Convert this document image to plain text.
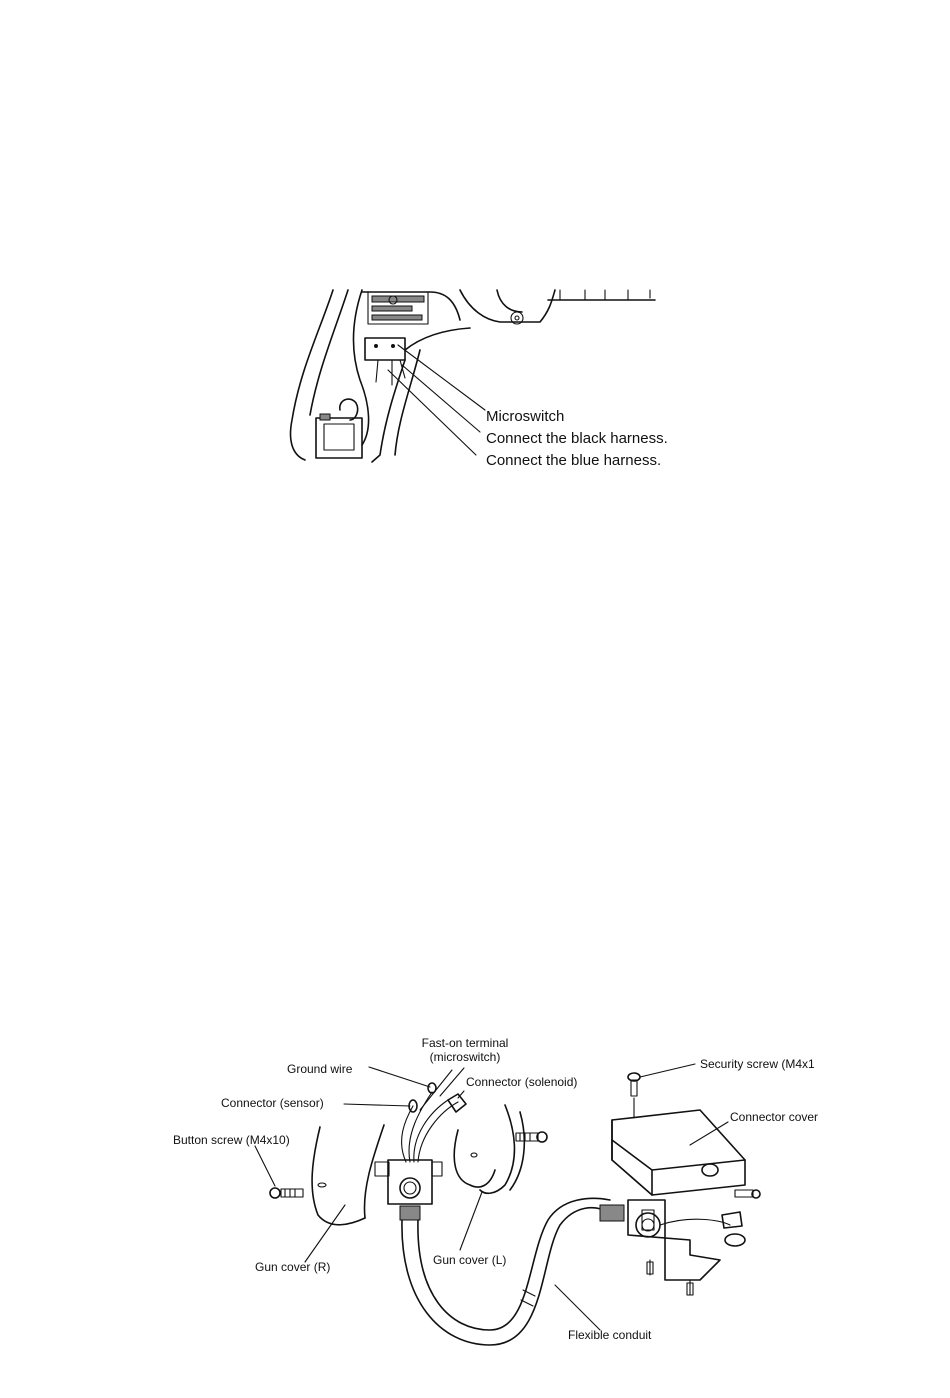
Microswitch
Connect the black harness.
Connect the blue harness.
Fast-on terminal
(microswitch)
Ground wire
Connector (solenoid)
Security screw (M4x1
Connector (sensor)
Connector cover
Button screw (M4x10)
Gun cover (R)	Gun cover (L)
Flexible conduit
